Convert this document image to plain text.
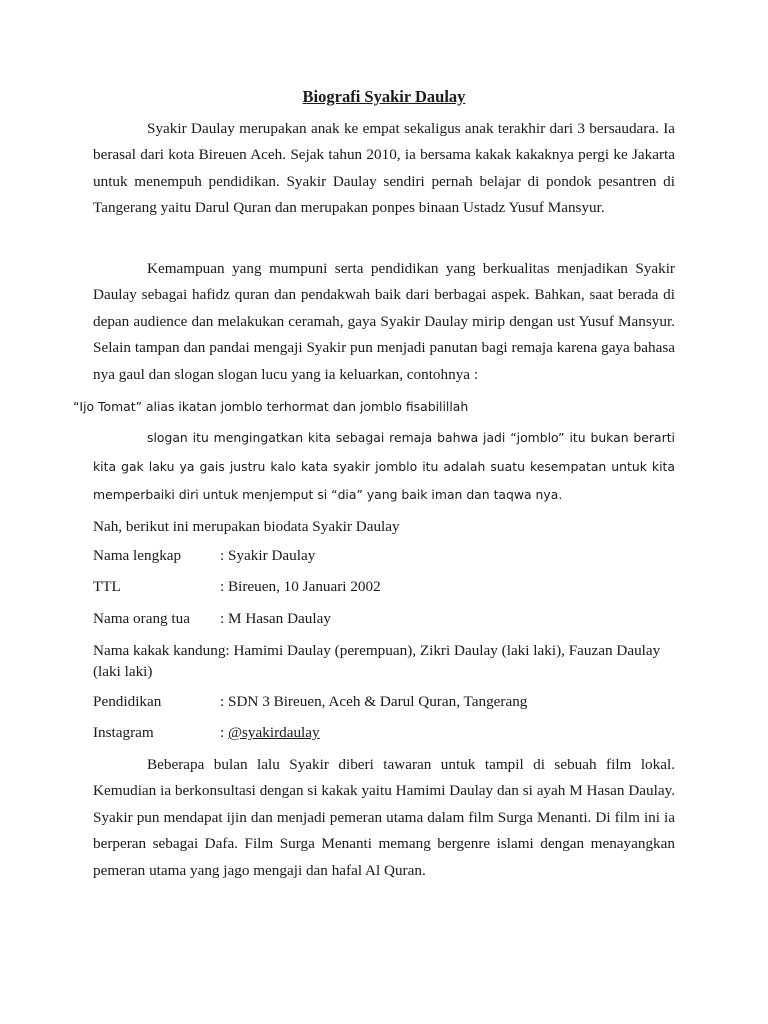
Biografi Syakir Daulay

Syakir Daulay merupakan anak ke empat sekaligus anak terakhir dari 3 bersaudara. Ia berasal dari kota Bireuen Aceh. Sejak tahun 2010, ia bersama kakak kakaknya pergi ke Jakarta untuk menempuh pendidikan. Syakir Daulay sendiri pernah belajar di pondok pesantren di Tangerang yaitu Darul Quran dan merupakan ponpes binaan Ustadz Yusuf Mansyur.

Kemampuan yang mumpuni serta pendidikan yang berkualitas menjadikan Syakir Daulay sebagai hafidz quran dan pendakwah baik dari berbagai aspek. Bahkan, saat berada di depan audience dan melakukan ceramah, gaya Syakir Daulay mirip dengan ust Yusuf Mansyur. Selain tampan dan pandai mengaji Syakir pun menjadi panutan bagi remaja karena gaya bahasa nya gaul dan slogan slogan lucu yang ia keluarkan, contohnya :

“Ijo Tomat” alias ikatan jomblo terhormat dan jomblo fisabilillah

slogan itu mengingatkan kita sebagai remaja bahwa jadi “jomblo” itu bukan berarti kita gak laku ya gais justru kalo kata syakir jomblo itu adalah suatu kesempatan untuk kita memperbaiki diri untuk menjemput si “dia” yang baik iman dan taqwa nya.

Nah, berikut ini merupakan biodata Syakir Daulay

Nama lengkap	: Syakir Daulay
TTL	: Bireuen, 10 Januari 2002
Nama orang tua : M Hasan Daulay

Nama kakak kandung: Hamimi Daulay (perempuan), Zikri Daulay (laki laki), Fauzan Daulay (laki laki)

Pendidikan	: SDN 3 Bireuen, Aceh & Darul Quran, Tangerang
Instagram	: @syakirdaulay

Beberapa bulan lalu Syakir diberi tawaran untuk tampil di sebuah film lokal. Kemudian ia berkonsultasi dengan si kakak yaitu Hamimi Daulay dan si ayah M Hasan Daulay. Syakir pun mendapat ijin dan menjadi pemeran utama dalam film Surga Menanti. Di film ini ia berperan sebagai Dafa. Film Surga Menanti memang bergenre islami dengan menayangkan pemeran utama yang jago mengaji dan hafal Al Quran.
